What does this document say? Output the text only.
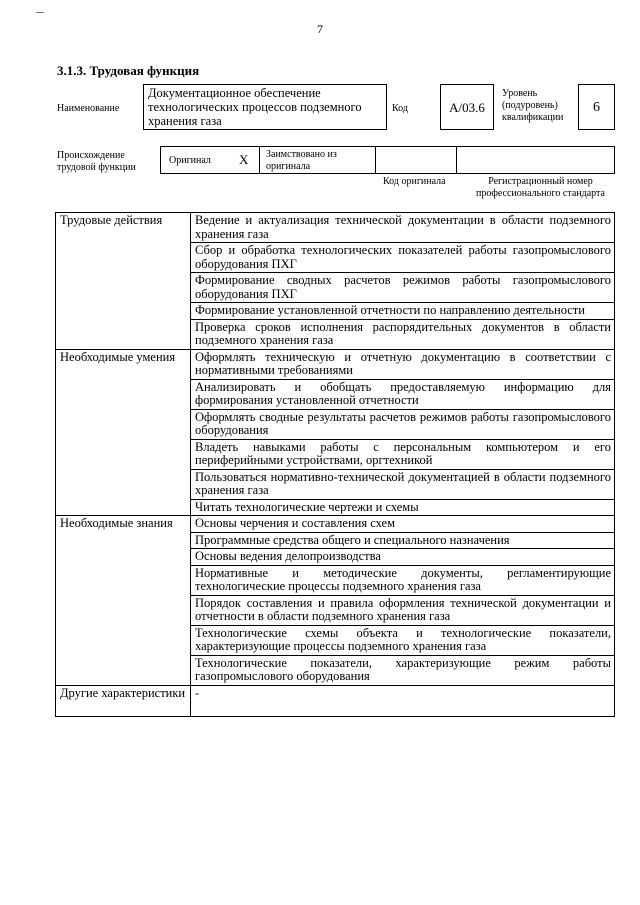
7
3.1.3. Трудовая функция
Наименование
Документационное обеспечение технологических процессов подземного хранения газа
Код	A/03.6
Уровень (подуровень) квалификации
6
Происхождение трудовой функции
Оригинал X Заимствовано из оригинала
Код оригинала	Регистрационный номер профессионального стандарта
Трудовые действия	Ведение и актуализация технической документации в области подземного хранения газа
	Сбор и обработка технологических показателей работы газопромыслового оборудования ПХГ
	Формирование сводных расчетов режимов работы газопромыслового оборудования ПХГ
	Формирование установленной отчетности по направлению деятельности
	Проверка сроков исполнения распорядительных документов в области подземного хранения газа
Необходимые умения	Оформлять техническую и отчетную документацию в соответствии с нормативными требованиями
	Анализировать и обобщать предоставляемую информацию для формирования установленной отчетности
	Оформлять сводные результаты расчетов режимов работы газопромыслового оборудования
	Владеть навыками работы с персональным компьютером и его периферийными устройствами, оргтехникой
	Пользоваться нормативно-технической документацией в области подземного хранения газа
	Читать технологические чертежи и схемы
Необходимые знания	Основы черчения и составления схем
	Программные средства общего и специального назначения
	Основы ведения делопроизводства
	Нормативные и методические документы, регламентирующие технологические процессы подземного хранения газа
	Порядок составления и правила оформления технической документации и отчетности в области подземного хранения газа
	Технологические схемы объекта и технологические показатели, характеризующие процессы подземного хранения газа
	Технологические показатели, характеризующие режим работы газопромыслового оборудования
Другие характеристики	-
